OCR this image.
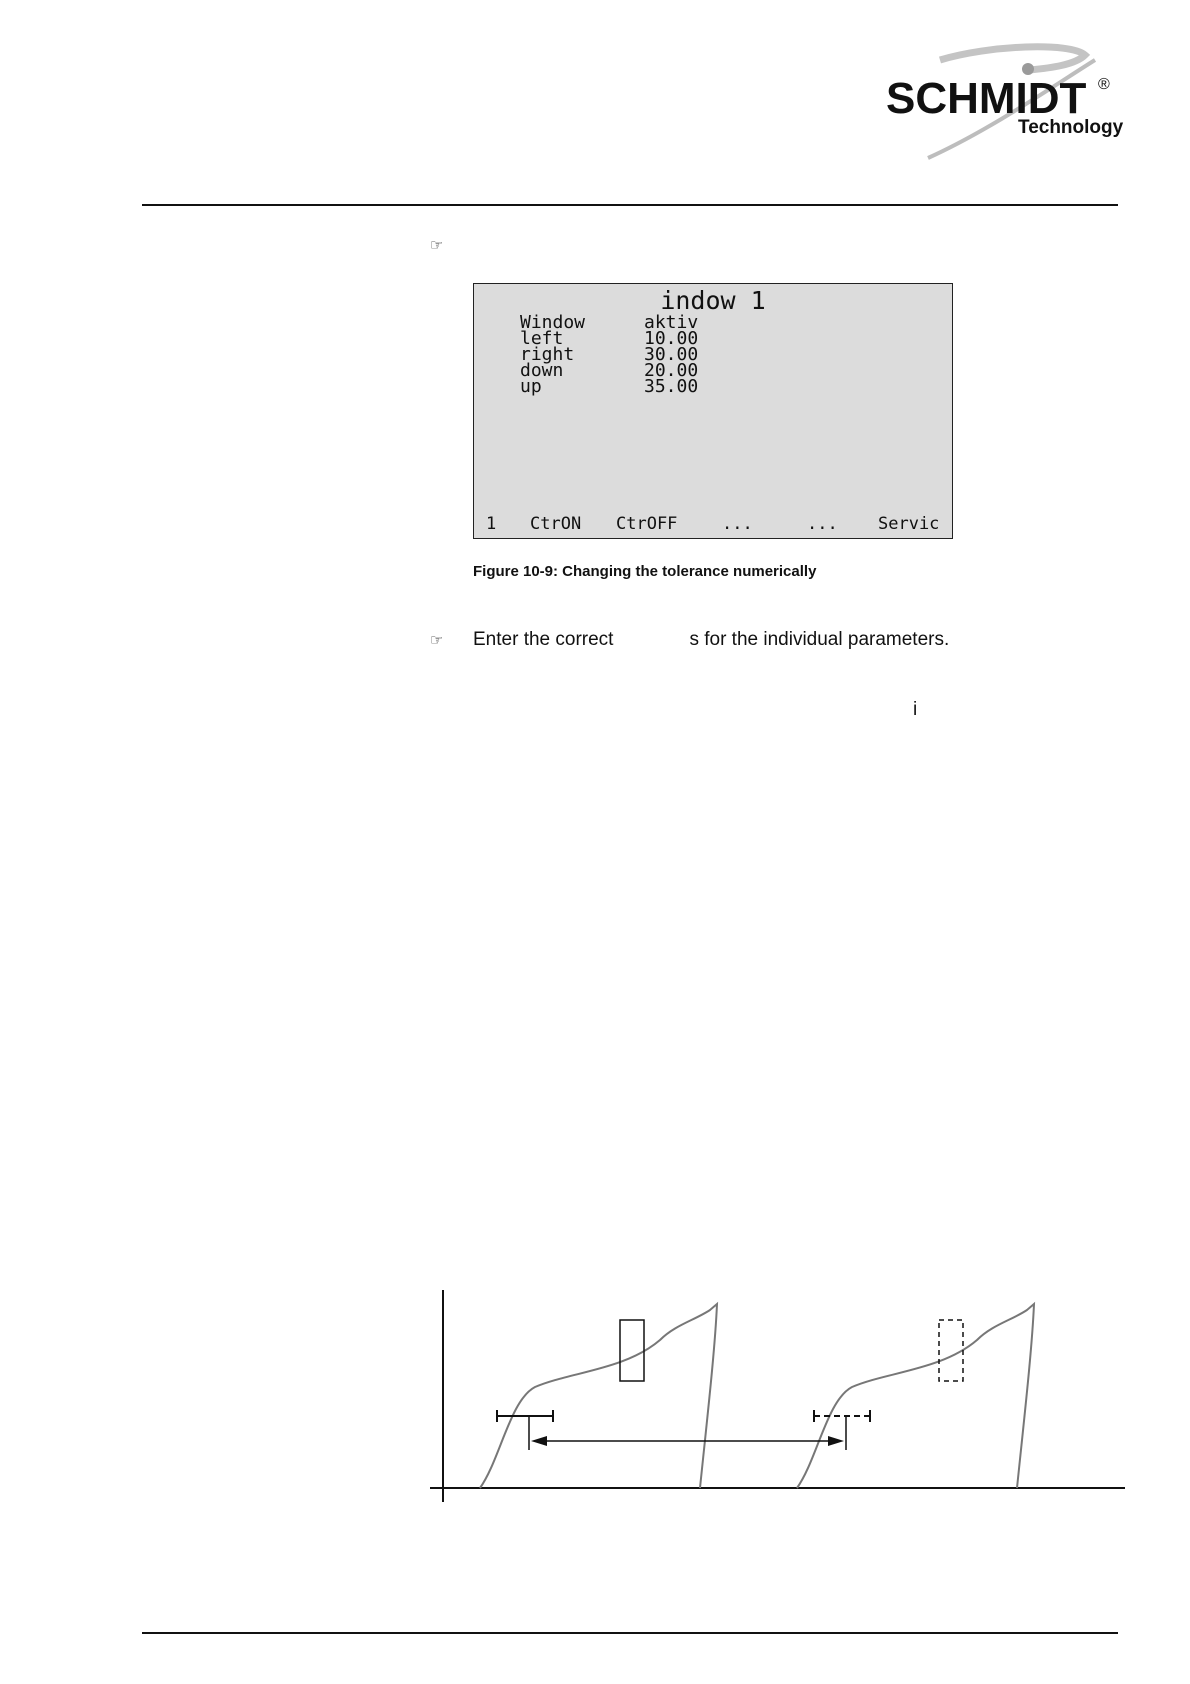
SCHMIDT ®
Technology
☞
indow 1
Window	aktiv
left	10.00
right	30.00
down	20.00
up	35.00
1 CtrON CtrOFF	...	... Servic
Figure 10-9: Changing the tolerance numerically
☞ Enter the correct	s for the individual parameters.
i
